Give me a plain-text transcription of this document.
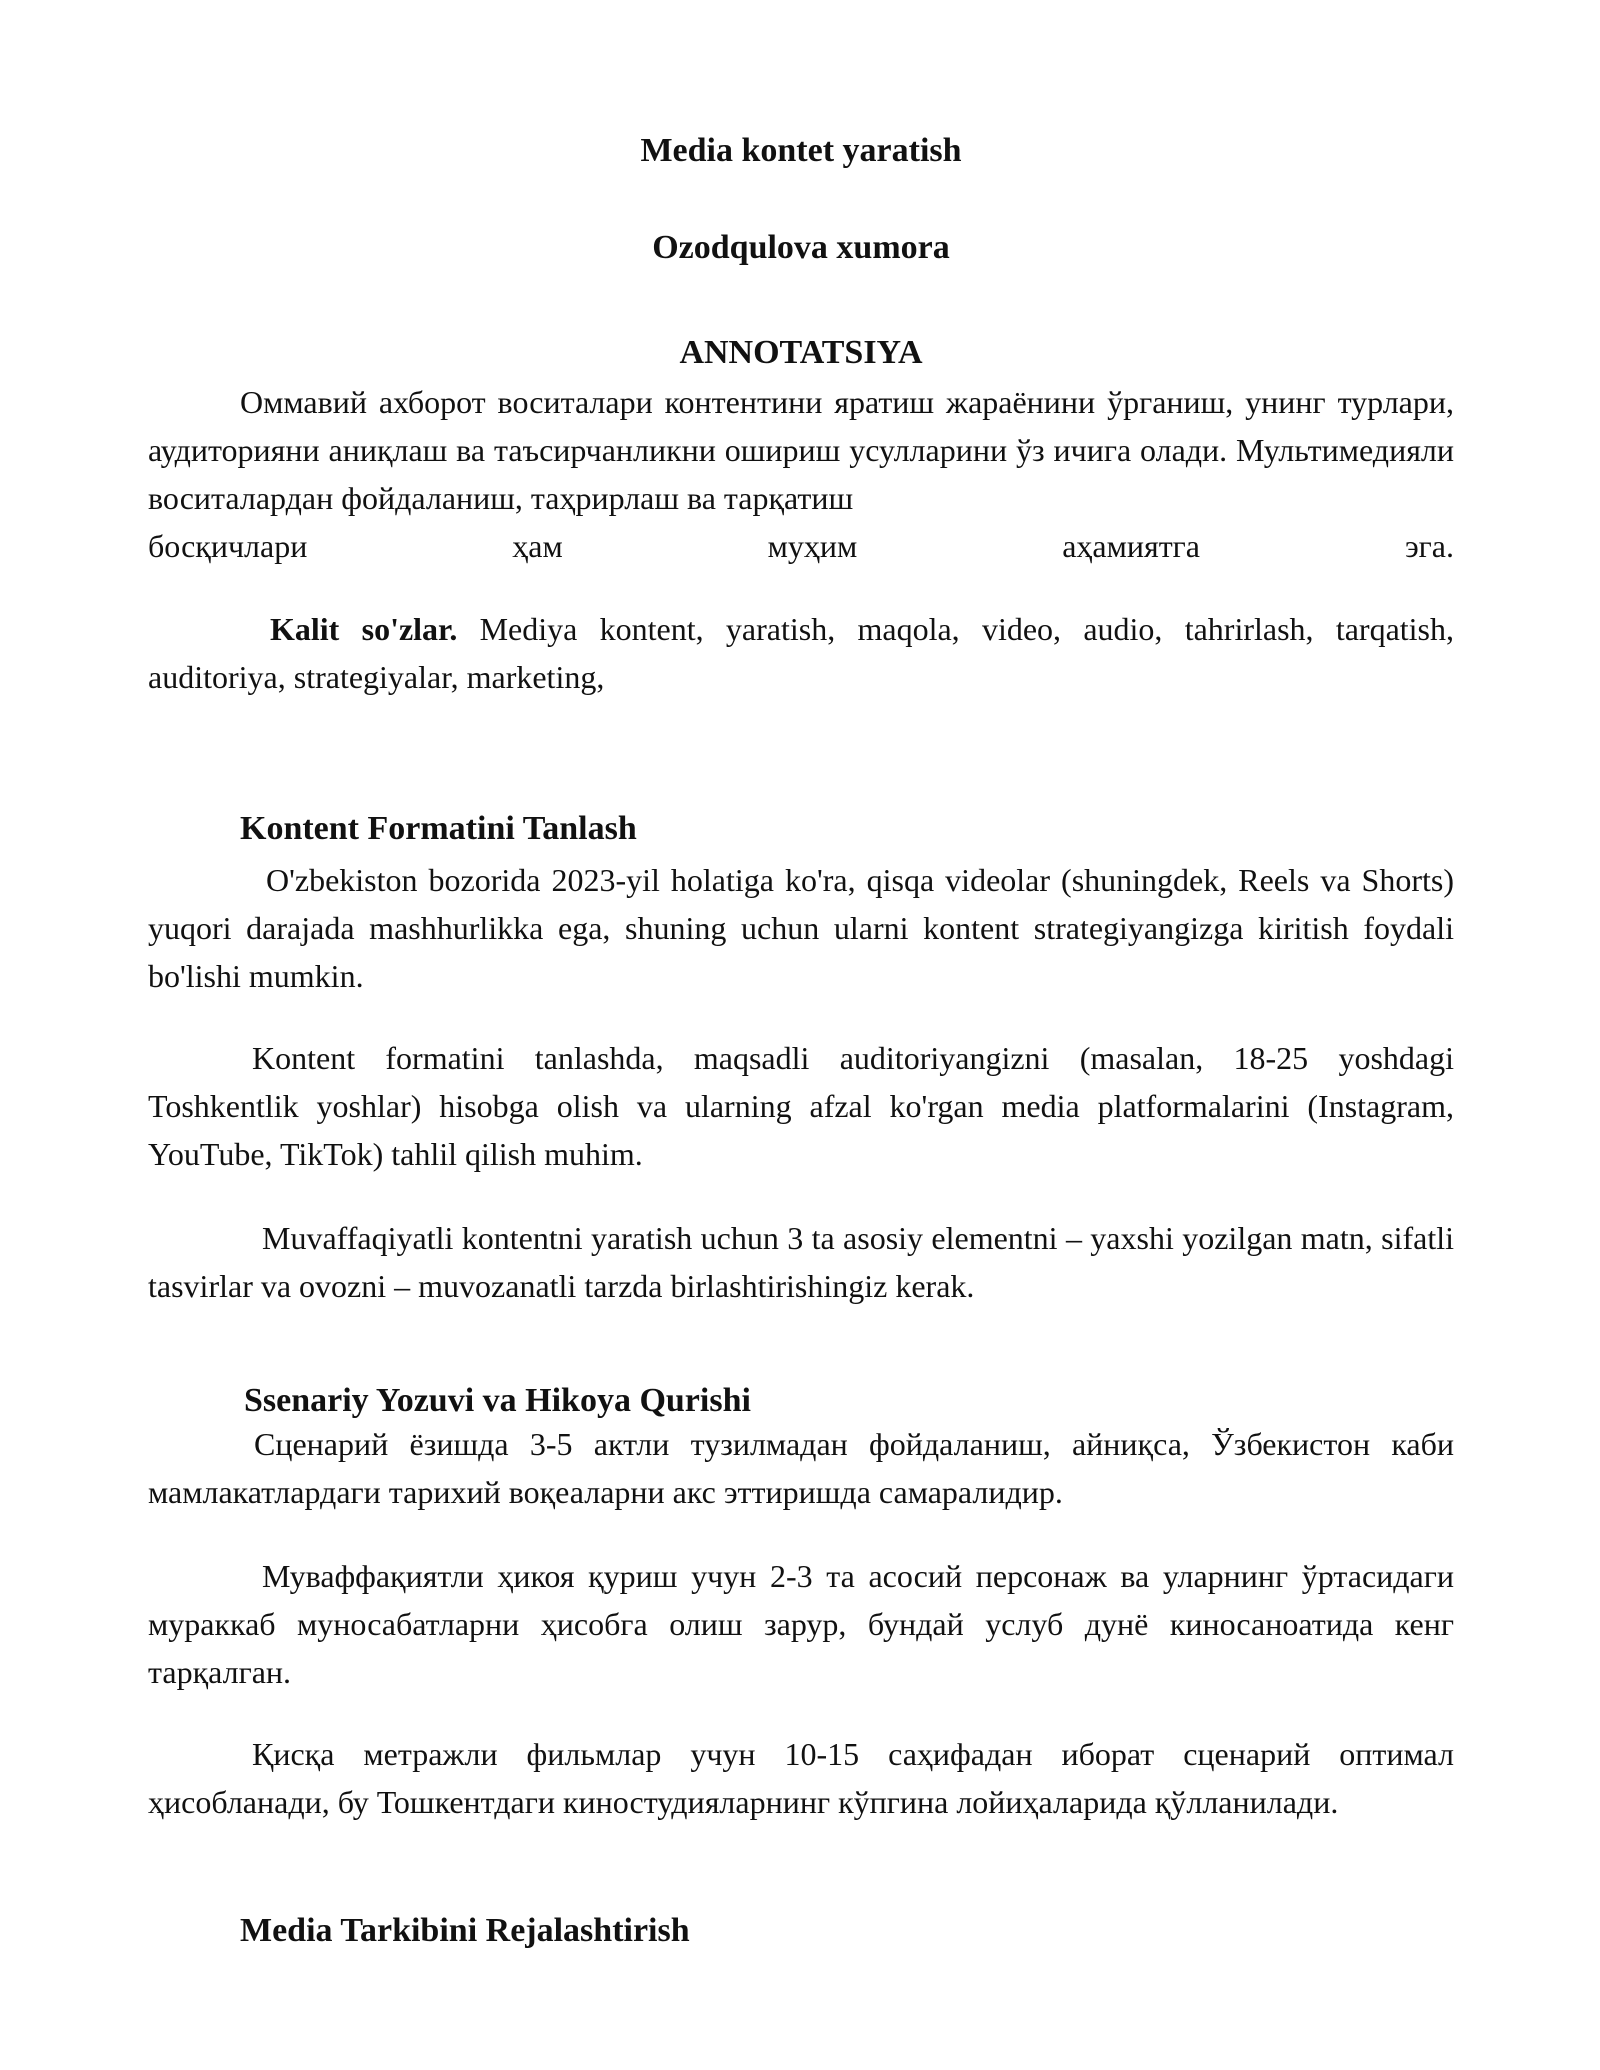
Media kontet yaratish
Ozodqulova xumora
ANNOTATSIYA

Оммавий ахборот воситалари контентини яратиш жараёнини ўрганиш, унинг турлари, аудиторияни аниқлаш ва таъсирчанликни ошириш усулларини ўз ичига олади. Мультимедияли воситалардан фойдаланиш, таҳрирлаш ва тарқатиш

босқичлари ҳам муҳим аҳамиятга эга.

Kalit so'zlar. Mediya kontent, yaratish, maqola, video, audio, tahrirlash, tarqatish, auditoriya, strategiyalar, marketing,

Kontent Formatini Tanlash

O'zbekiston bozorida 2023-yil holatiga ko'ra, qisqa videolar (shuningdek, Reels va Shorts) yuqori darajada mashhurlikka ega, shuning uchun ularni kontent strategiyangizga kiritish foydali bo'lishi mumkin.

Kontent formatini tanlashda, maqsadli auditoriyangizni (masalan, 18-25 yoshdagi Toshkentlik yoshlar) hisobga olish va ularning afzal ko'rgan media platformalarini (Instagram, YouTube, TikTok) tahlil qilish muhim.

Muvaffaqiyatli kontentni yaratish uchun 3 ta asosiy elementni – yaxshi yozilgan matn, sifatli tasvirlar va ovozni – muvozanatli tarzda birlashtirishingiz kerak.

Ssenariy Yozuvi va Hikoya Qurishi

Сценарий ёзишда 3-5 актли тузилмадан фойдаланиш, айниқса, Ўзбекистон каби мамлакатлардаги тарихий воқеаларни акс эттиришда самаралидир.

Муваффақиятли ҳикоя қуриш учун 2-3 та асосий персонаж ва уларнинг ўртасидаги мураккаб муносабатларни ҳисобга олиш зарур, бундай услуб дунё киносаноатида кенг тарқалган.

Қисқа метражли фильмлар учун 10-15 саҳифадан иборат сценарий оптимал ҳисобланади, бу Тошкентдаги киностудияларнинг кўпгина лойиҳаларида қўлланилади.

Media Tarkibini Rejalashtirish
